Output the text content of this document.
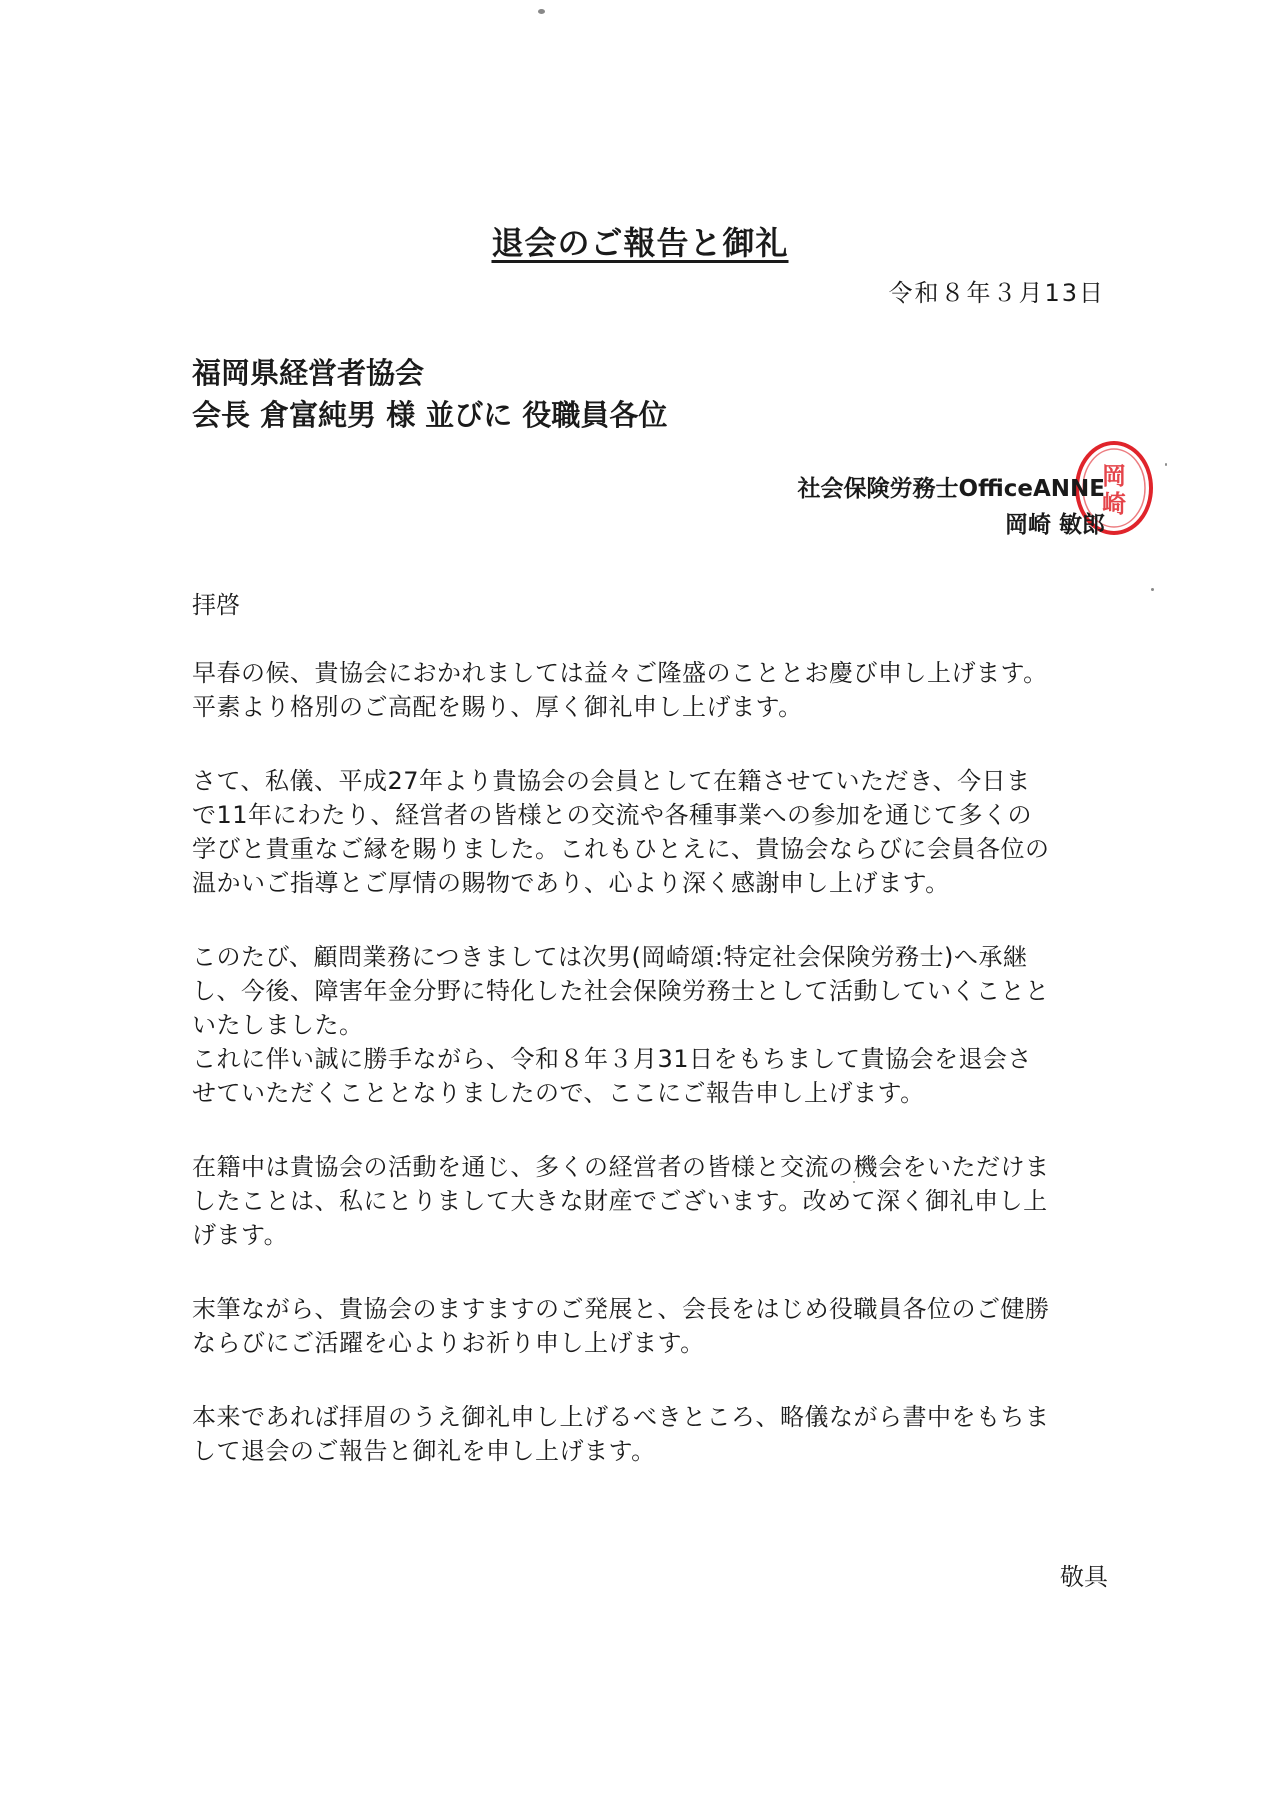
退会のご報告と御礼
令和８年３月13日
福岡県経営者協会
会長 倉富純男 様 並びに 役職員各位
岡
崎
社会保険労務士OfficeANNE
岡崎 敏郎
拝啓

早春の候、貴協会におかれましては益々ご隆盛のこととお慶び申し上げます。
平素より格別のご高配を賜り、厚く御礼申し上げます。

さて、私儀、平成27年より貴協会の会員として在籍させていただき、今日ま
で11年にわたり、経営者の皆様との交流や各種事業への参加を通じて多くの
学びと貴重なご縁を賜りました。これもひとえに、貴協会ならびに会員各位の
温かいご指導とご厚情の賜物であり、心より深く感謝申し上げます。

このたび、顧問業務につきましては次男(岡崎頌:特定社会保険労務士)へ承継
し、今後、障害年金分野に特化した社会保険労務士として活動していくことと
いたしました。
これに伴い誠に勝手ながら、令和８年３月31日をもちまして貴協会を退会さ
せていただくこととなりましたので、ここにご報告申し上げます。

在籍中は貴協会の活動を通じ、多くの経営者の皆様と交流の機会をいただけま
したことは、私にとりまして大きな財産でございます。改めて深く御礼申し上
げます。

末筆ながら、貴協会のますますのご発展と、会長をはじめ役職員各位のご健勝
ならびにご活躍を心よりお祈り申し上げます。

本来であれば拝眉のうえ御礼申し上げるべきところ、略儀ながら書中をもちま
して退会のご報告と御礼を申し上げます。

敬具
